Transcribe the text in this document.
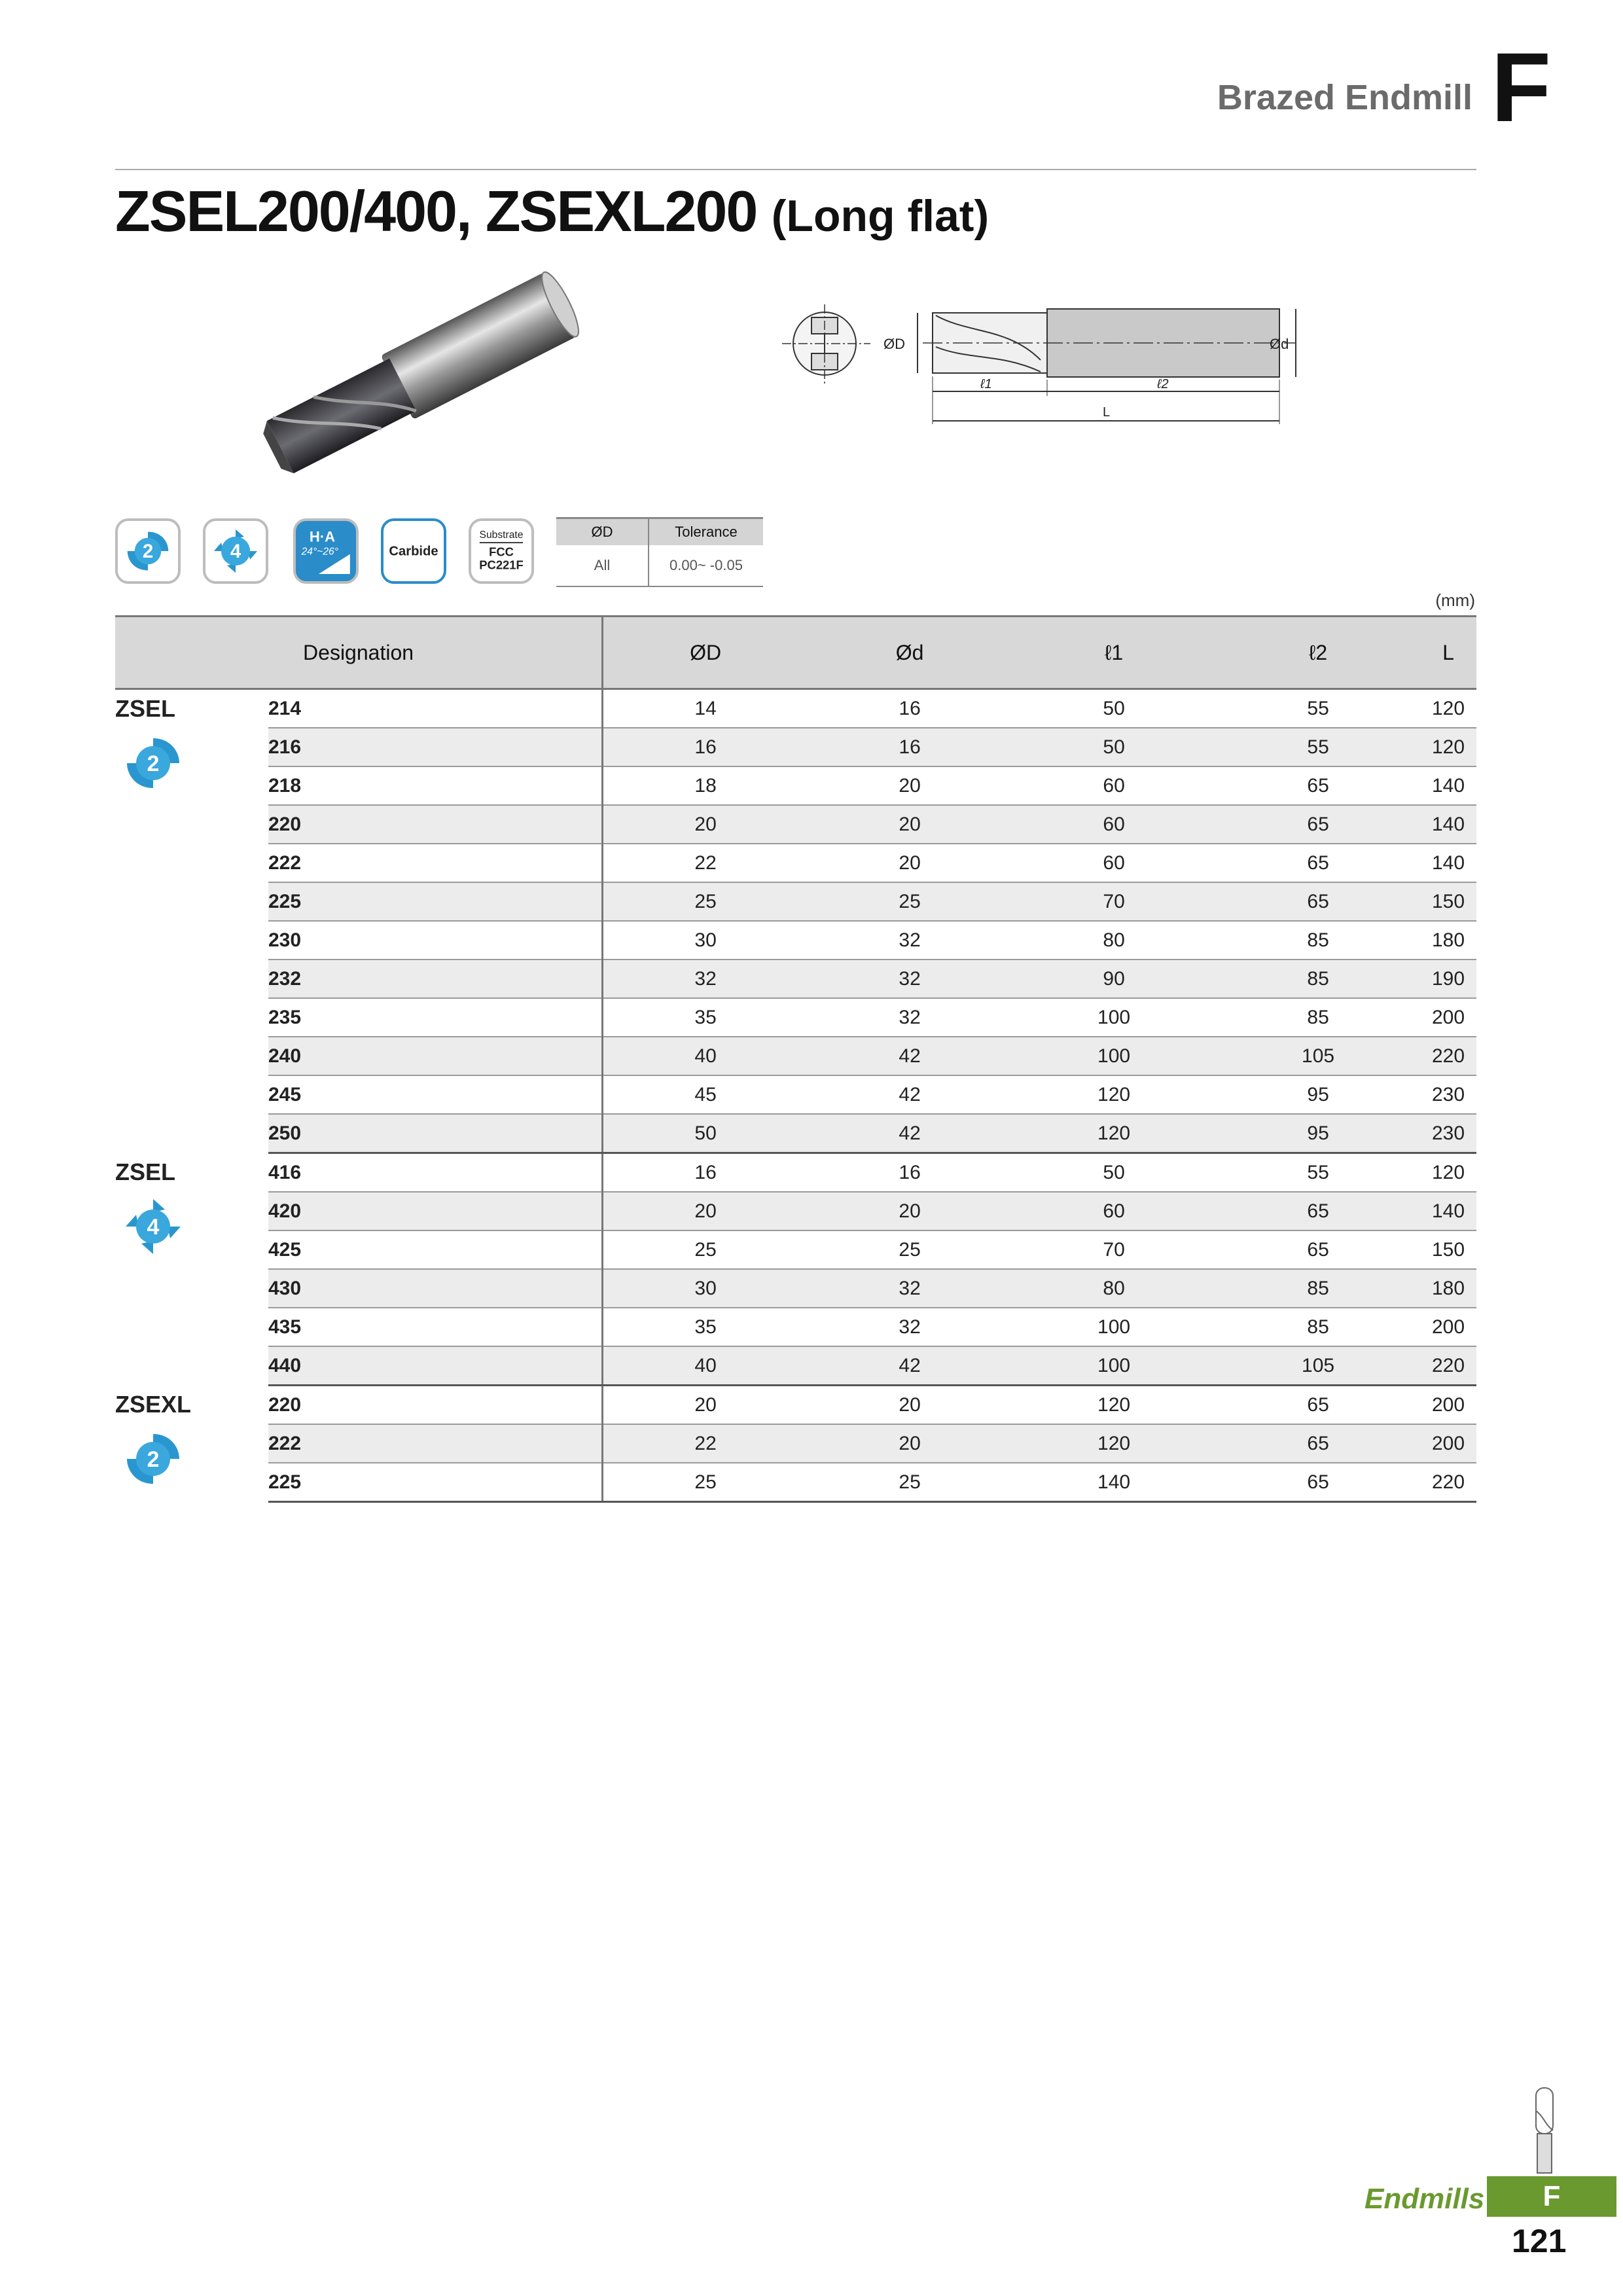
Brazed Endmill F
ZSEL200/400, ZSEXL200 (Long flat)
ØD	Ød
ℓ1	ℓ2
L
2	4
H·A
24°~26°	Carbide
Substrate
FCC
PC221F
ØD	Tolerance
All	0.00~ -0.05
(mm)
Designation		ØD	Ød	ℓ1	ℓ2	L
ZSEL
2	214	14	16	50	55	120
	216	16	16	50	55	120
	218	18	20	60	65	140
	220	20	20	60	65	140
	222	22	20	60	65	140
	225	25	25	70	65	150
	230	30	32	80	85	180
	232	32	32	90	85	190
	235	35	32	100	85	200
	240	40	42	100	105	220
	245	45	42	120	95	230
	250	50	42	120	95	230
ZSEL
4	416	16	16	50	55	120
	420	20	20	60	65	140
	425	25	25	70	65	150
	430	30	32	80	85	180
	435	35	32	100	85	200
	440	40	42	100	105	220
ZSEXL
2	220	20	20	120	65	200
	222	22	20	120	65	200
	225	25	25	140	65	220
Endmills	F
121
